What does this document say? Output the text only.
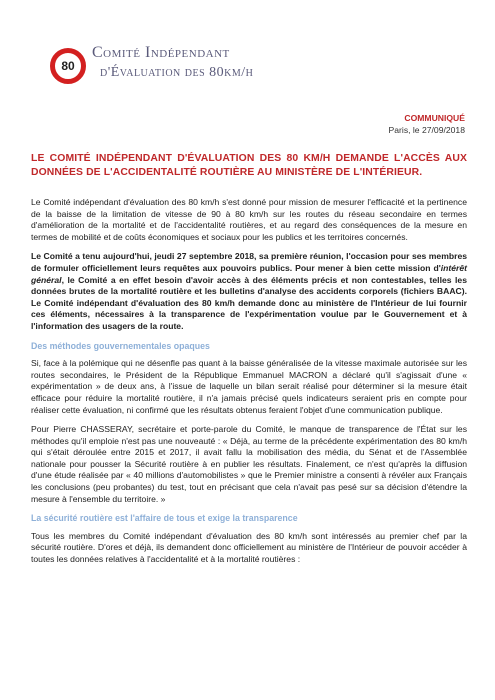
80
Comité Indépendant
d'Évaluation des 80km/h
COMMUNIQUÉ
Paris, le 27/09/2018
LE COMITÉ INDÉPENDANT D'ÉVALUATION DES 80 KM/H DEMANDE L'ACCÈS AUX DONNÉES DE L'ACCIDENTALITÉ ROUTIÈRE AU MINISTÈRE DE L'INTÉRIEUR.

Le Comité indépendant d'évaluation des 80 km/h s'est donné pour mission de mesurer l'efficacité et la pertinence de la baisse de la limitation de vitesse de 90 à 80 km/h sur les routes du réseau secondaire en termes d'amélioration de la mortalité et de l'accidentalité routières, et au regard des conséquences de la mesure en termes de mobilité et de coûts économiques et sociaux pour les publics et les territoires concernés.

Le Comité a tenu aujourd'hui, jeudi 27 septembre 2018, sa première réunion, l'occasion pour ses membres de formuler officiellement leurs requêtes aux pouvoirs publics. Pour mener à bien cette mission d'intérêt général, le Comité a en effet besoin d'avoir accès à des éléments précis et non contestables, telles les données brutes de la mortalité routière et les bulletins d'analyse des accidents corporels (fichiers BAAC). Le Comité indépendant d'évaluation des 80 km/h demande donc au ministère de l'Intérieur de lui fournir ces éléments, nécessaires à la transparence de l'expérimentation voulue par le Gouvernement et à l'information des usagers de la route.

Des méthodes gouvernementales opaques

Si, face à la polémique qui ne désenfle pas quant à la baisse généralisée de la vitesse maximale autorisée sur les routes secondaires, le Président de la République Emmanuel MACRON a déclaré qu'il s'agissait d'une « expérimentation » de deux ans, à l'issue de laquelle un bilan serait réalisé pour déterminer si la mesure était efficace pour réduire la mortalité routière, il n'a jamais précisé quels indicateurs seraient pris en compte pour réaliser cette évaluation, ni confirmé que les résultats obtenus feraient l'objet d'une communication publique.

Pour Pierre CHASSERAY, secrétaire et porte-parole du Comité, le manque de transparence de l'État sur les méthodes qu'il emploie n'est pas une nouveauté : « Déjà, au terme de la précédente expérimentation des 80 km/h qui s'était déroulée entre 2015 et 2017, il avait fallu la mobilisation des média, du Sénat et de l'Assemblée nationale pour pousser la Sécurité routière à en publier les résultats. Finalement, ce n'est qu'après la diffusion d'une étude réalisée par « 40 millions d'automobilistes » que le Premier ministre a consenti à révéler aux Français les conclusions (peu probantes) du test, tout en précisant que cela n'avait pas pesé sur sa décision d'étendre la mesure à l'ensemble du territoire. »

La sécurité routière est l'affaire de tous et exige la transparence

Tous les membres du Comité indépendant d'évaluation des 80 km/h sont intéressés au premier chef par la sécurité routière. D'ores et déjà, ils demandent donc officiellement au ministère de l'Intérieur de pouvoir accéder à toutes les données relatives à l'accidentalité et à la mortalité routières :
